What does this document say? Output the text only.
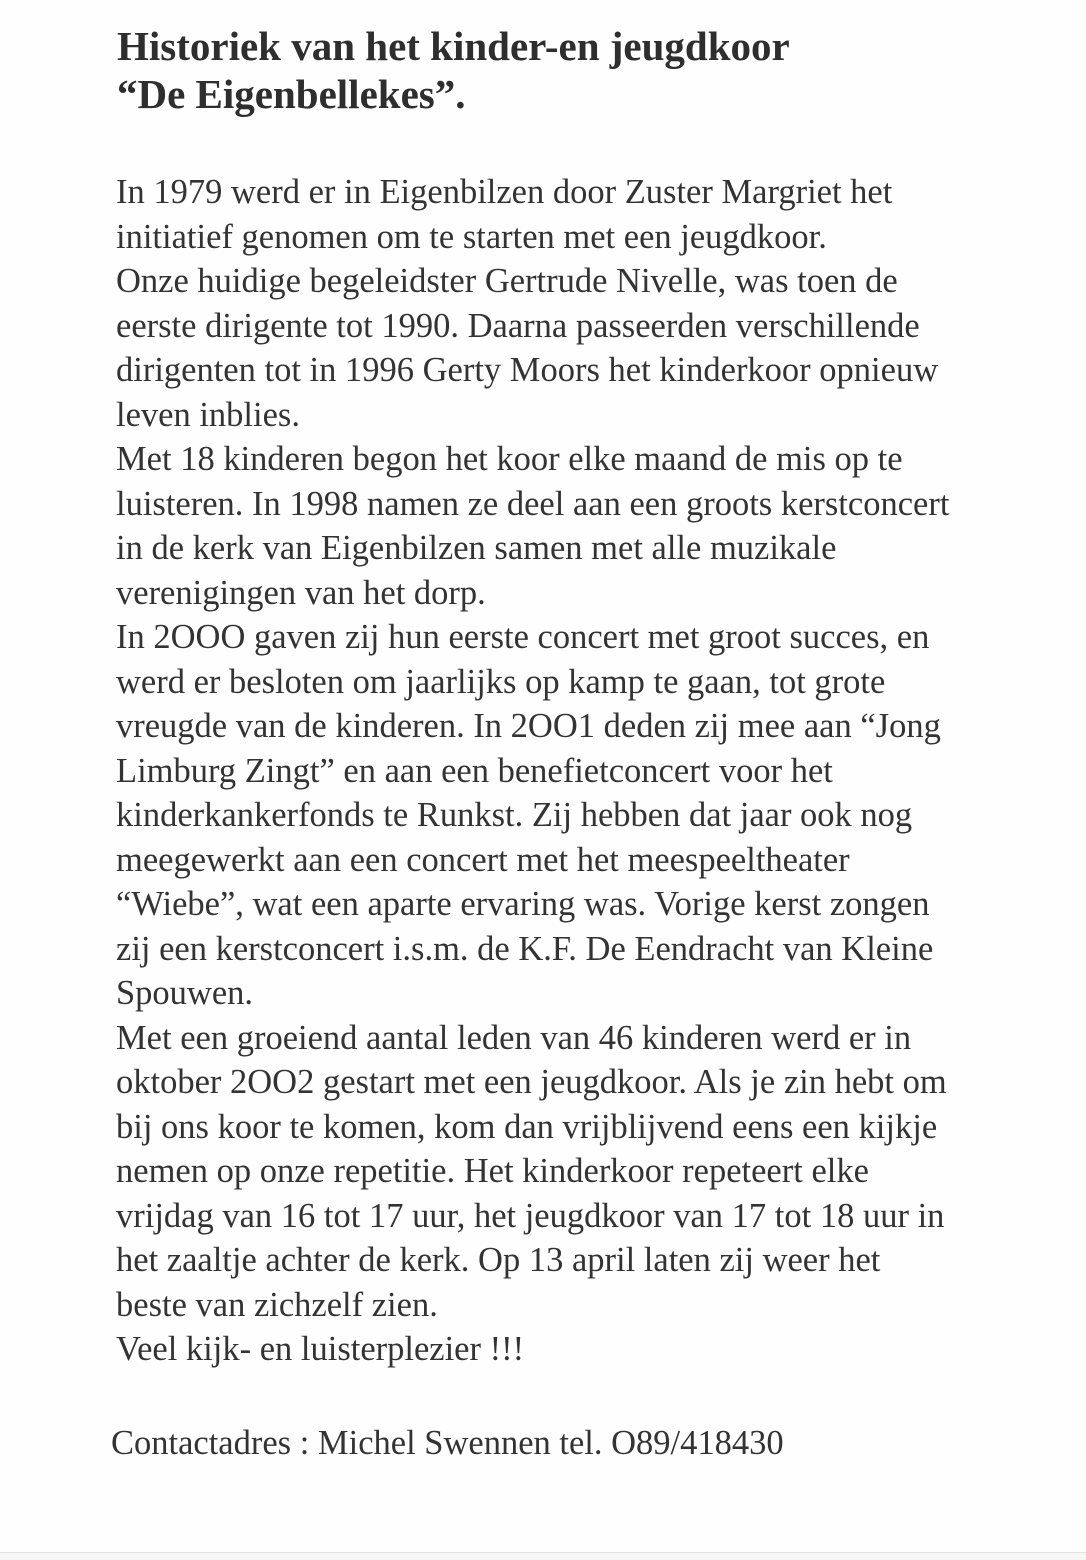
Historiek van het kinder-en jeugdkoor
“De Eigenbellekes”.
In 1979 werd er in Eigenbilzen door Zuster Margriet het
initiatief genomen om te starten met een jeugdkoor.
Onze huidige begeleidster Gertrude Nivelle, was toen de
eerste dirigente tot 1990. Daarna passeerden verschillende
dirigenten tot in 1996 Gerty Moors het kinderkoor opnieuw
leven inblies.
Met 18 kinderen begon het koor elke maand de mis op te
luisteren. In 1998 namen ze deel aan een groots kerstconcert
in de kerk van Eigenbilzen samen met alle muzikale
verenigingen van het dorp.
In 2OOO gaven zij hun eerste concert met groot succes, en
werd er besloten om jaarlijks op kamp te gaan, tot grote
vreugde van de kinderen. In 2OO1 deden zij mee aan “Jong
Limburg Zingt” en aan een benefietconcert voor het
kinderkankerfonds te Runkst. Zij hebben dat jaar ook nog
meegewerkt aan een concert met het meespeeltheater
“Wiebe”, wat een aparte ervaring was. Vorige kerst zongen
zij een kerstconcert i.s.m. de K.F. De Eendracht van Kleine
Spouwen.
Met een groeiend aantal leden van 46 kinderen werd er in
oktober 2OO2 gestart met een jeugdkoor. Als je zin hebt om
bij ons koor te komen, kom dan vrijblijvend eens een kijkje
nemen op onze repetitie. Het kinderkoor repeteert elke
vrijdag van 16 tot 17 uur, het jeugdkoor van 17 tot 18 uur in
het zaaltje achter de kerk. Op 13 april laten zij weer het
beste van zichzelf zien.
Veel kijk- en luisterplezier !!!

Contactadres : Michel Swennen tel. O89/418430
